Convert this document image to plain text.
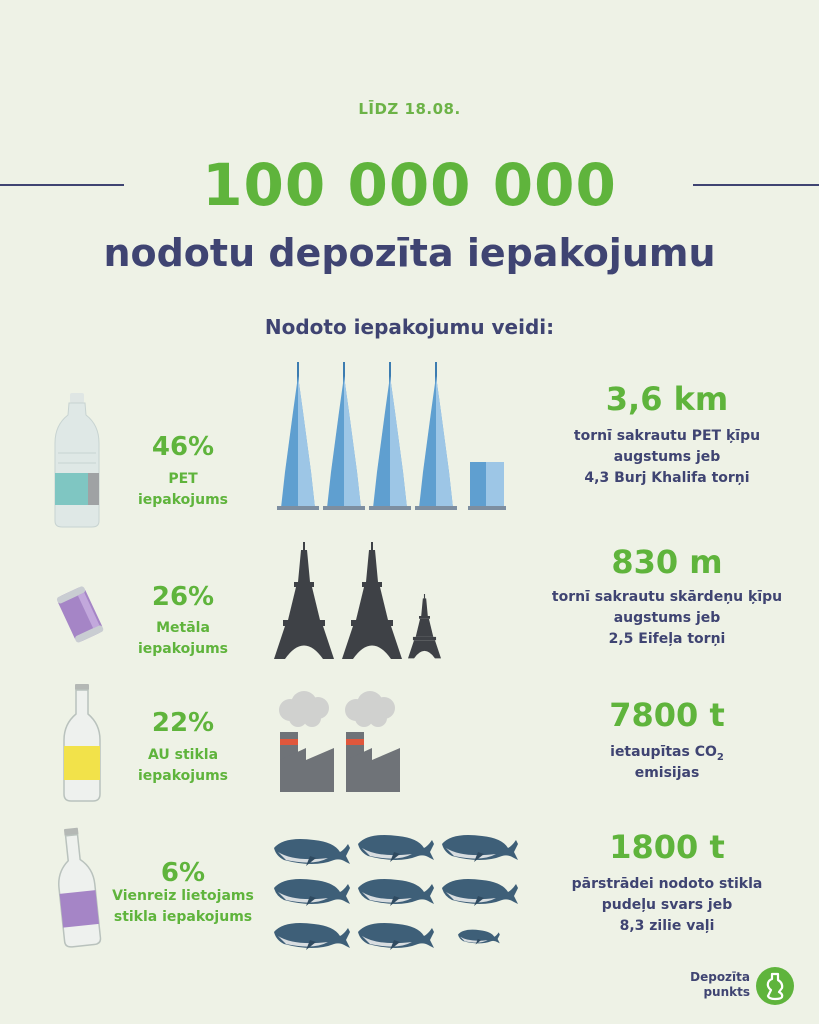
LĪDZ 18.08.
100 000 000
nodotu depozīta iepakojumu
Nodoto iepakojumu veidi:
46%
PET
iepakojums
3,6 km
tornī sakrautu PET ķīpu
augstums jeb
4,3 Burj Khalifa torņi
26%
Metāla
iepakojums
830 m
tornī sakrautu skārdeņu ķīpu
augstums jeb
2,5 Eifeļa torņi
22%
AU stikla
iepakojums
7800 t
ietaupītas $CO_2$
emisijas
6%
Vienreiz lietojams
stikla iepakojums
1800 t
pārstrādei nodoto stikla
pudeļu svars jeb
8,3 zilie vaļi
Depozīta
punkts
